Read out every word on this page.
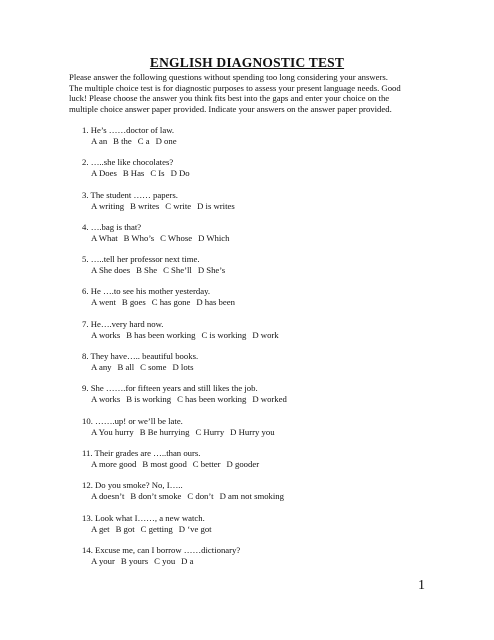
ENGLISH DIAGNOSTIC TEST
Please answer the following questions without spending too long considering your answers.
The multiple choice test is for diagnostic purposes to assess your present language needs. Good
luck! Please choose the answer you think fits best into the gaps and enter your choice on the
multiple choice answer paper provided. Indicate your answers on the answer paper provided.
1. He’s ……doctor of law.
A an B the C a D one
2. …..she like chocolates?
A Does B Has C Is D Do
3. The student …… papers.
A writing B writes C write D is writes
4. ….bag is that?
A What B Who’s C Whose D Which
5. …..tell her professor next time.
A She does B She C She’ll D She’s
6. He ….to see his mother yesterday.
A went B goes C has gone D has been
7. He….very hard now.
A works B has been working C is working D work
8. They have….. beautiful books.
A any B all C some D lots
9. She …….for fifteen years and still likes the job.
A works B is working C has been working D worked
10. …….up! or we’ll be late.
A You hurry B Be hurrying C Hurry D Hurry you
11. Their grades are …..than ours.
A more good B most good C better D gooder
12. Do you smoke? No, I…..
A doesn’t B don’t smoke C don’t D am not smoking
13. Look what I……, a new watch.
A get B got C getting D ‘ve got
14. Excuse me, can I borrow ……dictionary?
A your B yours C you D a
1
